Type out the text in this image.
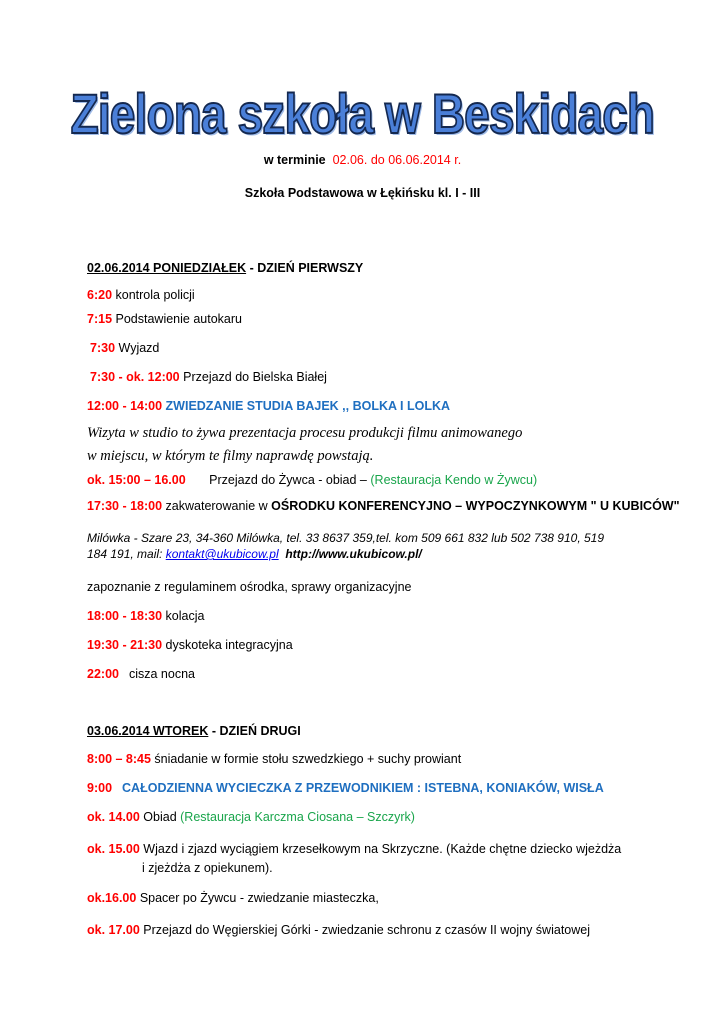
Zielona szkoła w Beskidach
w terminie 02.06. do 06.06.2014 r.
Szkoła Podstawowa w Łękińsku kl. I - III
02.06.2014 PONIEDZIAŁEK - DZIEŃ PIERWSZY
6:20 kontrola policji
7:15 Podstawienie autokaru
7:30 Wyjazd
7:30 - ok. 12:00 Przejazd do Bielska Białej
12:00 - 14:00 ZWIEDZANIE STUDIA BAJEK ,, BOLKA I LOLKA
Wizyta w studio to żywa prezentacja procesu produkcji filmu animowanego
w miejscu, w którym te filmy naprawdę powstają.
ok. 15:00 – 16.00 Przejazd do Żywca - obiad – (Restauracja Kendo w Żywcu)
17:30 - 18:00 zakwaterowanie w OŚRODKU KONFERENCYJNO – WYPOCZYNKOWYM " U KUBICÓW"
Milówka - Szare 23, 34-360 Milówka, tel. 33 8637 359,tel. kom 509 661 832 lub 502 738 910, 519
184 191, mail: kontakt@ukubicow.pl http://www.ukubicow.pl/
zapoznanie z regulaminem ośrodka, sprawy organizacyjne
18:00 - 18:30 kolacja
19:30 - 21:30 dyskoteka integracyjna
22:00 cisza nocna
03.06.2014 WTOREK - DZIEŃ DRUGI
8:00 – 8:45 śniadanie w formie stołu szwedzkiego + suchy prowiant
9:00 CAŁODZIENNA WYCIECZKA Z PRZEWODNIKIEM : ISTEBNA, KONIAKÓW, WISŁA
ok. 14.00 Obiad (Restauracja Karczma Ciosana – Szczyrk)
ok. 15.00 Wjazd i zjazd wyciągiem krzesełkowym na Skrzyczne. (Każde chętne dziecko wjeżdża
i zjeżdża z opiekunem).
ok.16.00 Spacer po Żywcu - zwiedzanie miasteczka,
ok. 17.00 Przejazd do Węgierskiej Górki - zwiedzanie schronu z czasów II wojny światowej
